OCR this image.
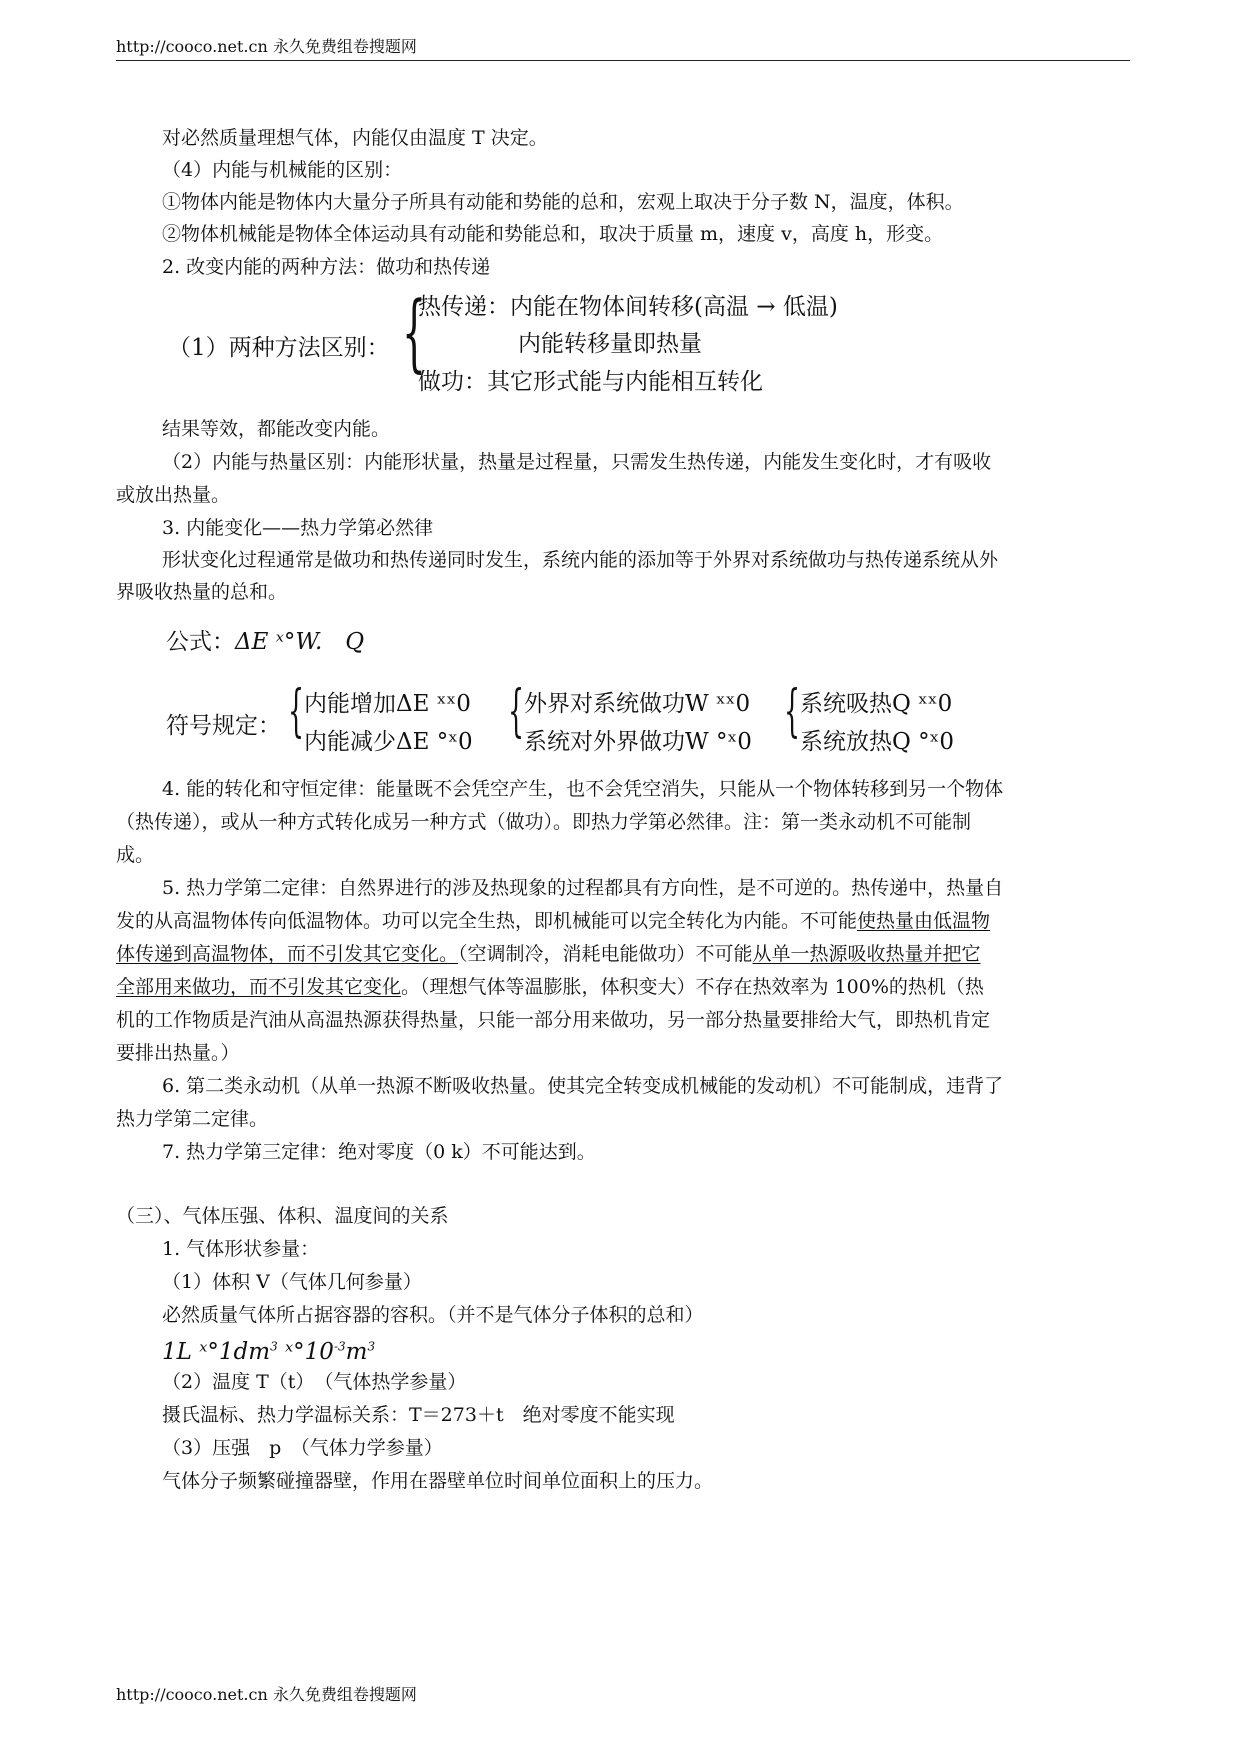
http://cooco.net.cn 永久免费组卷搜题网
对必然质量理想气体，内能仅由温度 T 决定。
（4）内能与机械能的区别：
①物体内能是物体内大量分子所具有动能和势能的总和，宏观上取决于分子数 N，温度，体积。
②物体机械能是物体全体运动具有动能和势能总和，取决于质量 m，速度 v，高度 h，形变。
2. 改变内能的两种方法：做功和热传递
（1）两种方法区别： {
热传递：内能在物体间转移(高温 → 低温)
内能转移量即热量
做功：其它形式能与内能相互转化
结果等效，都能改变内能。
（2）内能与热量区别：内能形状量，热量是过程量，只需发生热传递，内能发生变化时，才有吸收
或放出热量。
3. 内能变化——热力学第必然律
形状变化过程通常是做功和热传递同时发生，系统内能的添加等于外界对系统做功与热传递系统从外
界吸收热量的总和。
公式：ΔE ˣ°W.　Q
符号规定： { 内能增加ΔE ˣˣ0
内能减少ΔE °ˣ0 { 外界对系统做功W ˣˣ0
系统对外界做功W °ˣ0 { 系统吸热Q ˣˣ0
系统放热Q °ˣ0
4. 能的转化和守恒定律：能量既不会凭空产生，也不会凭空消失，只能从一个物体转移到另一个物体
（热传递），或从一种方式转化成另一种方式（做功）。即热力学第必然律。注：第一类永动机不可能制
成。
5. 热力学第二定律：自然界进行的涉及热现象的过程都具有方向性，是不可逆的。热传递中，热量自
发的从高温物体传向低温物体。功可以完全生热，即机械能可以完全转化为内能。不可能使热量由低温物
体传递到高温物体，而不引发其它变化。（空调制冷，消耗电能做功）不可能从单一热源吸收热量并把它
全部用来做功，而不引发其它变化。（理想气体等温膨胀，体积变大）不存在热效率为 100%的热机（热
机的工作物质是汽油从高温热源获得热量，只能一部分用来做功，另一部分热量要排给大气，即热机肯定
要排出热量。）
6. 第二类永动机（从单一热源不断吸收热量。使其完全转变成机械能的发动机）不可能制成，违背了
热力学第二定律。
7. 热力学第三定律：绝对零度（0 k）不可能达到。
（三）、气体压强、体积、温度间的关系
1. 气体形状参量：
（1）体积 V（气体几何参量）
必然质量气体所占据容器的容积。（并不是气体分子体积的总和）
1L $ˣ^\circ 1dm^3$ $ˣ^\circ 10^{-3}m^3$
（2）温度 T（t）　（气体热学参量）
摄氏温标、热力学温标关系：T＝273＋t　绝对零度不能实现
（3）压强　p　（气体力学参量）
气体分子频繁碰撞器壁，作用在器壁单位时间单位面积上的压力。
http://cooco.net.cn 永久免费组卷搜题网
